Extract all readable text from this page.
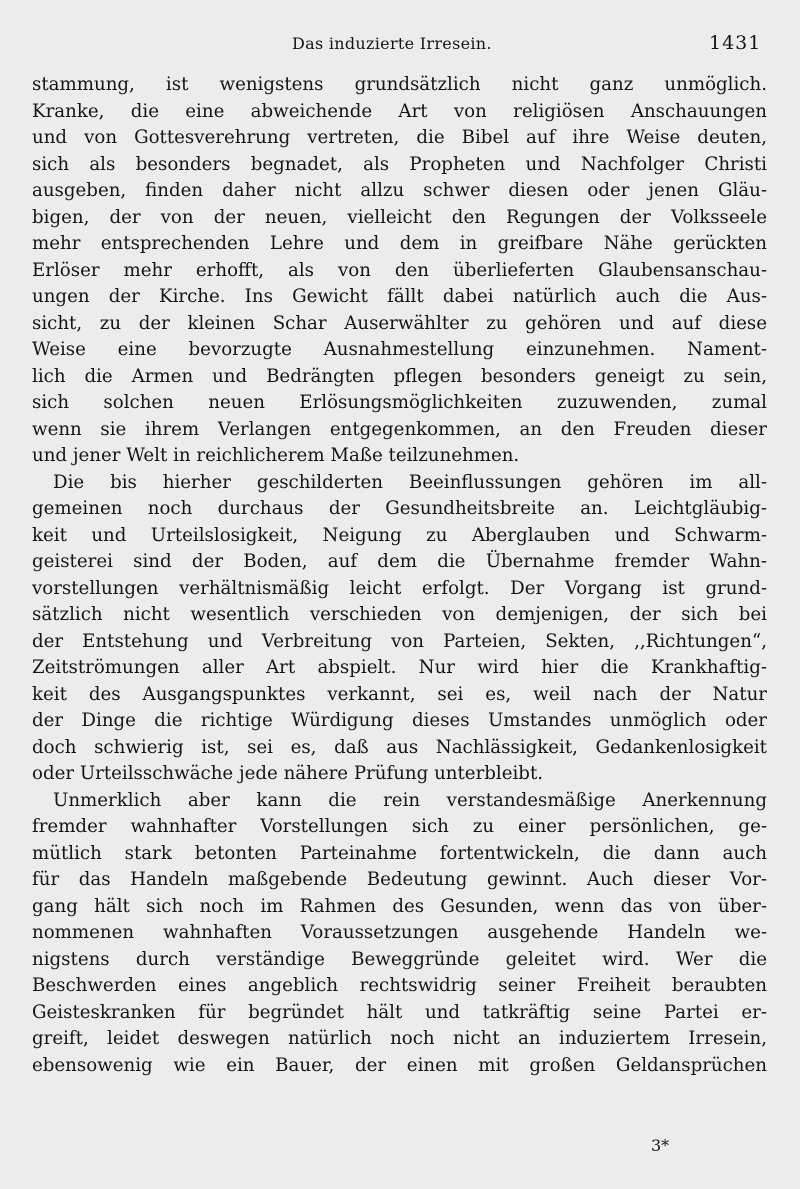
Das induzierte Irresein.	1431
stammung, ist wenigstens grundsätzlich nicht ganz unmöglich.
Kranke, die eine abweichende Art von religiösen Anschauungen
und von Gottesverehrung vertreten, die Bibel auf ihre Weise deuten,
sich als besonders begnadet, als Propheten und Nachfolger Christi
ausgeben, finden daher nicht allzu schwer diesen oder jenen Gläu-
bigen, der von der neuen, vielleicht den Regungen der Volksseele
mehr entsprechenden Lehre und dem in greifbare Nähe gerückten
Erlöser mehr erhofft, als von den überlieferten Glaubensanschau-
ungen der Kirche. Ins Gewicht fällt dabei natürlich auch die Aus-
sicht, zu der kleinen Schar Auserwählter zu gehören und auf diese
Weise eine bevorzugte Ausnahmestellung einzunehmen. Nament-
lich die Armen und Bedrängten pflegen besonders geneigt zu sein,
sich solchen neuen Erlösungsmöglichkeiten zuzuwenden, zumal
wenn sie ihrem Verlangen entgegenkommen, an den Freuden dieser
und jener Welt in reichlicherem Maße teilzunehmen.
Die bis hierher geschilderten Beeinflussungen gehören im all-
gemeinen noch durchaus der Gesundheitsbreite an. Leichtgläubig-
keit und Urteilslosigkeit, Neigung zu Aberglauben und Schwarm-
geisterei sind der Boden, auf dem die Übernahme fremder Wahn-
vorstellungen verhältnismäßig leicht erfolgt. Der Vorgang ist grund-
sätzlich nicht wesentlich verschieden von demjenigen, der sich bei
der Entstehung und Verbreitung von Parteien, Sekten, ,,Richtungen“,
Zeitströmungen aller Art abspielt. Nur wird hier die Krankhaftig-
keit des Ausgangspunktes verkannt, sei es, weil nach der Natur
der Dinge die richtige Würdigung dieses Umstandes unmöglich oder
doch schwierig ist, sei es, daß aus Nachlässigkeit, Gedankenlosigkeit
oder Urteilsschwäche jede nähere Prüfung unterbleibt.
Unmerklich aber kann die rein verstandesmäßige Anerkennung
fremder wahnhafter Vorstellungen sich zu einer persönlichen, ge-
mütlich stark betonten Parteinahme fortentwickeln, die dann auch
für das Handeln maßgebende Bedeutung gewinnt. Auch dieser Vor-
gang hält sich noch im Rahmen des Gesunden, wenn das von über-
nommenen wahnhaften Voraussetzungen ausgehende Handeln we-
nigstens durch verständige Beweggründe geleitet wird. Wer die
Beschwerden eines angeblich rechtswidrig seiner Freiheit beraubten
Geisteskranken für begründet hält und tatkräftig seine Partei er-
greift, leidet deswegen natürlich noch nicht an induziertem Irresein,
ebensowenig wie ein Bauer, der einen mit großen Geldansprüchen
3*
